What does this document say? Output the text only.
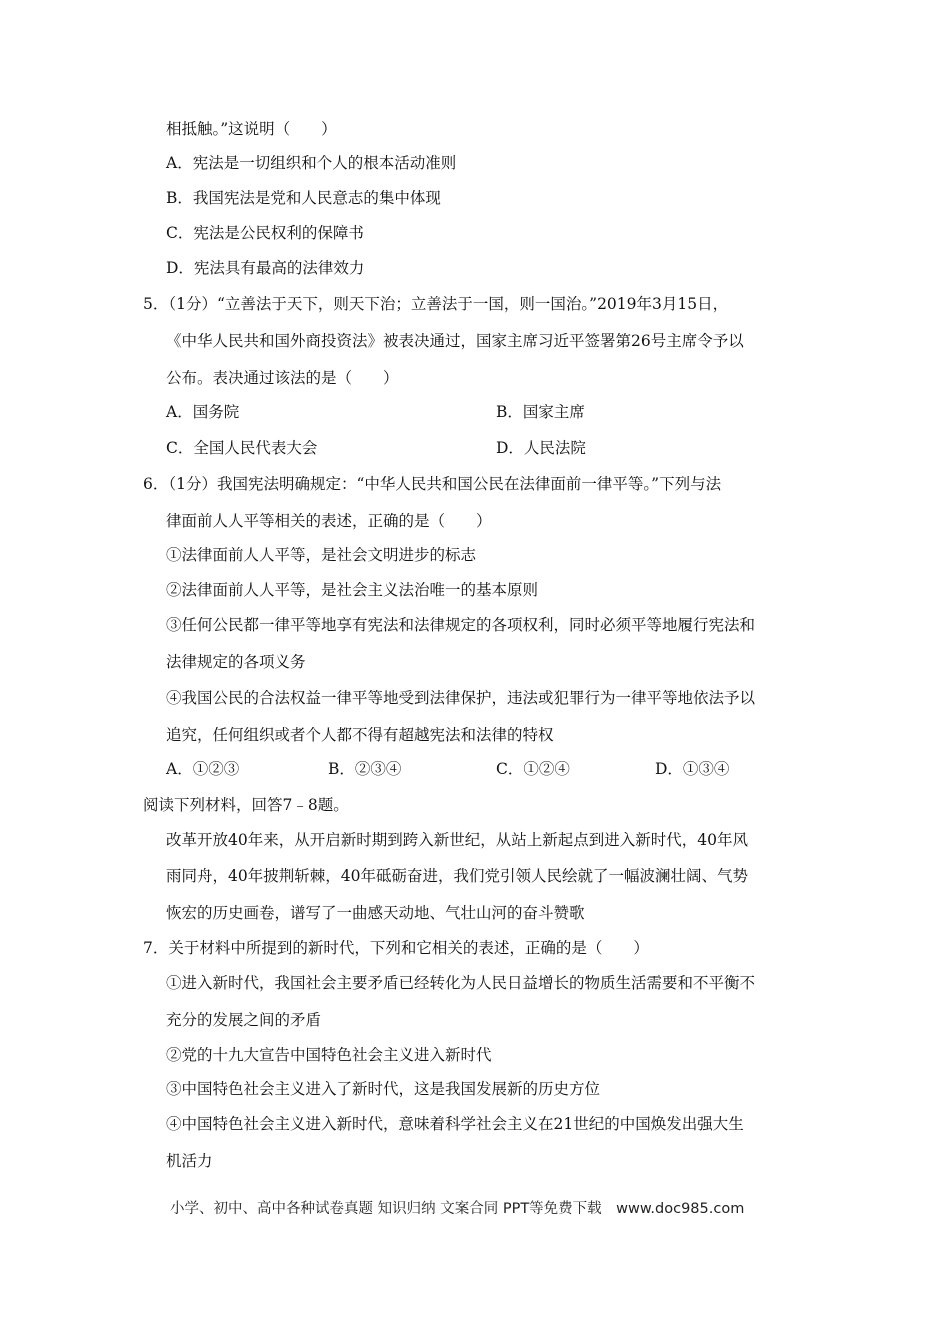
相抵触。”这说明（　　）
A．宪法是一切组织和个人的根本活动准则
B．我国宪法是党和人民意志的集中体现
C．宪法是公民权利的保障书
D．宪法具有最高的法律效力
5．（1分）“立善法于天下，则天下治；立善法于一国，则一国治。”2019年3月15日，
《中华人民共和国外商投资法》被表决通过，国家主席习近平签署第26号主席令予以
公布。表决通过该法的是（　　）
A．国务院	B．国家主席
C．全国人民代表大会	D．人民法院
6．（1分）我国宪法明确规定：“中华人民共和国公民在法律面前一律平等。”下列与法
律面前人人平等相关的表述，正确的是（　　）
①法律面前人人平等，是社会文明进步的标志
②法律面前人人平等，是社会主义法治唯一的基本原则
③任何公民都一律平等地享有宪法和法律规定的各项权利，同时必须平等地履行宪法和
法律规定的各项义务
④我国公民的合法权益一律平等地受到法律保护，违法或犯罪行为一律平等地依法予以
追究，任何组织或者个人都不得有超越宪法和法律的特权
A．①②③	B．②③④	C．①②④	D．①③④
阅读下列材料，回答7﹣8题。
改革开放40年来，从开启新时期到跨入新世纪，从站上新起点到进入新时代，40年风
雨同舟，40年披荆斩棘，40年砥砺奋进，我们党引领人民绘就了一幅波澜壮阔、气势
恢宏的历史画卷，谱写了一曲感天动地、气壮山河的奋斗赞歌
7．关于材料中所提到的新时代，下列和它相关的表述，正确的是（　　）
①进入新时代，我国社会主要矛盾已经转化为人民日益增长的物质生活需要和不平衡不
充分的发展之间的矛盾
②党的十九大宣告中国特色社会主义进入新时代
③中国特色社会主义进入了新时代，这是我国发展新的历史方位
④中国特色社会主义进入新时代，意味着科学社会主义在21世纪的中国焕发出强大生
机活力
小学、初中、高中各种试卷真题 知识归纳 文案合同 PPT等免费下载　www.doc985.com
